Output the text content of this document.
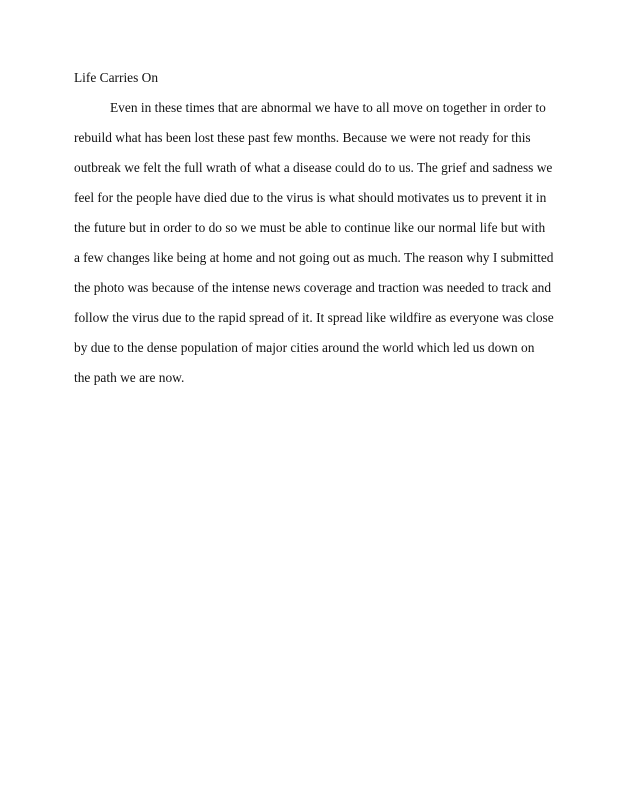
Life Carries On
Even in these times that are abnormal we have to all move on together in order to
rebuild what has been lost these past few months. Because we were not ready for this
outbreak we felt the full wrath of what a disease could do to us. The grief and sadness we
feel for the people have died due to the virus is what should motivates us to prevent it in
the future but in order to do so we must be able to continue like our normal life but with
a few changes like being at home and not going out as much. The reason why I submitted
the photo was because of the intense news coverage and traction was needed to track and
follow the virus due to the rapid spread of it. It spread like wildfire as everyone was close
by due to the dense population of major cities around the world which led us down on
the path we are now.
